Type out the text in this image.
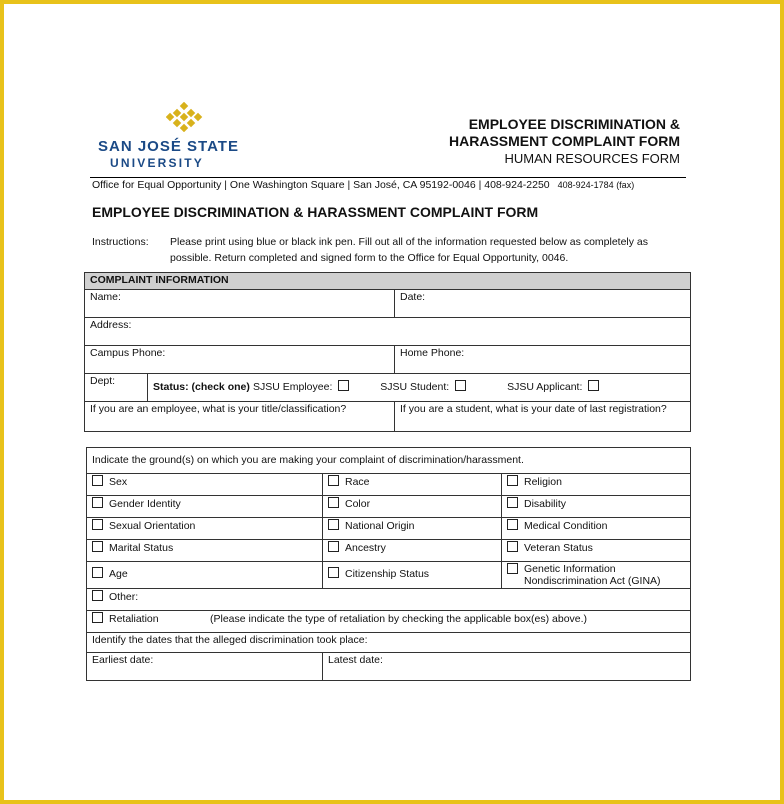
SAN JOSÉ STATE
UNIVERSITY
EMPLOYEE DISCRIMINATION &
HARASSMENT COMPLAINT FORM
HUMAN RESOURCES FORM
Office for Equal Opportunity | One Washington Square | San José, CA 95192-0046 | 408-924-2250 408-924-1784 (fax)
EMPLOYEE DISCRIMINATION & HARASSMENT COMPLAINT FORM
Instructions: Please print using blue or black ink pen. Fill out all of the information requested below as completely as possible. Return completed and signed form to the Office for Equal Opportunity, 0046.
COMPLAINT INFORMATION		
Name:		Date:
Address:		
Campus Phone:		Home Phone:
Dept:	Status: (check one) SJSU Employee: SJSU Student: SJSU Applicant:	
If you are an employee, what is your title/classification?		If you are a student, what is your date of last registration?
Indicate the ground(s) on which you are making your complaint of discrimination/harassment.		
Sex	Race	Religion
Gender Identity	Color	Disability
Sexual Orientation	National Origin	Medical Condition
Marital Status	Ancestry	Veteran Status
Age	Citizenship Status	Genetic Information
Nondiscrimination Act (GINA)
Other:		
Retaliation (Please indicate the type of retaliation by checking the applicable box(es) above.)		
Identify the dates that the alleged discrimination took place:		
Earliest date:	Latest date:	
